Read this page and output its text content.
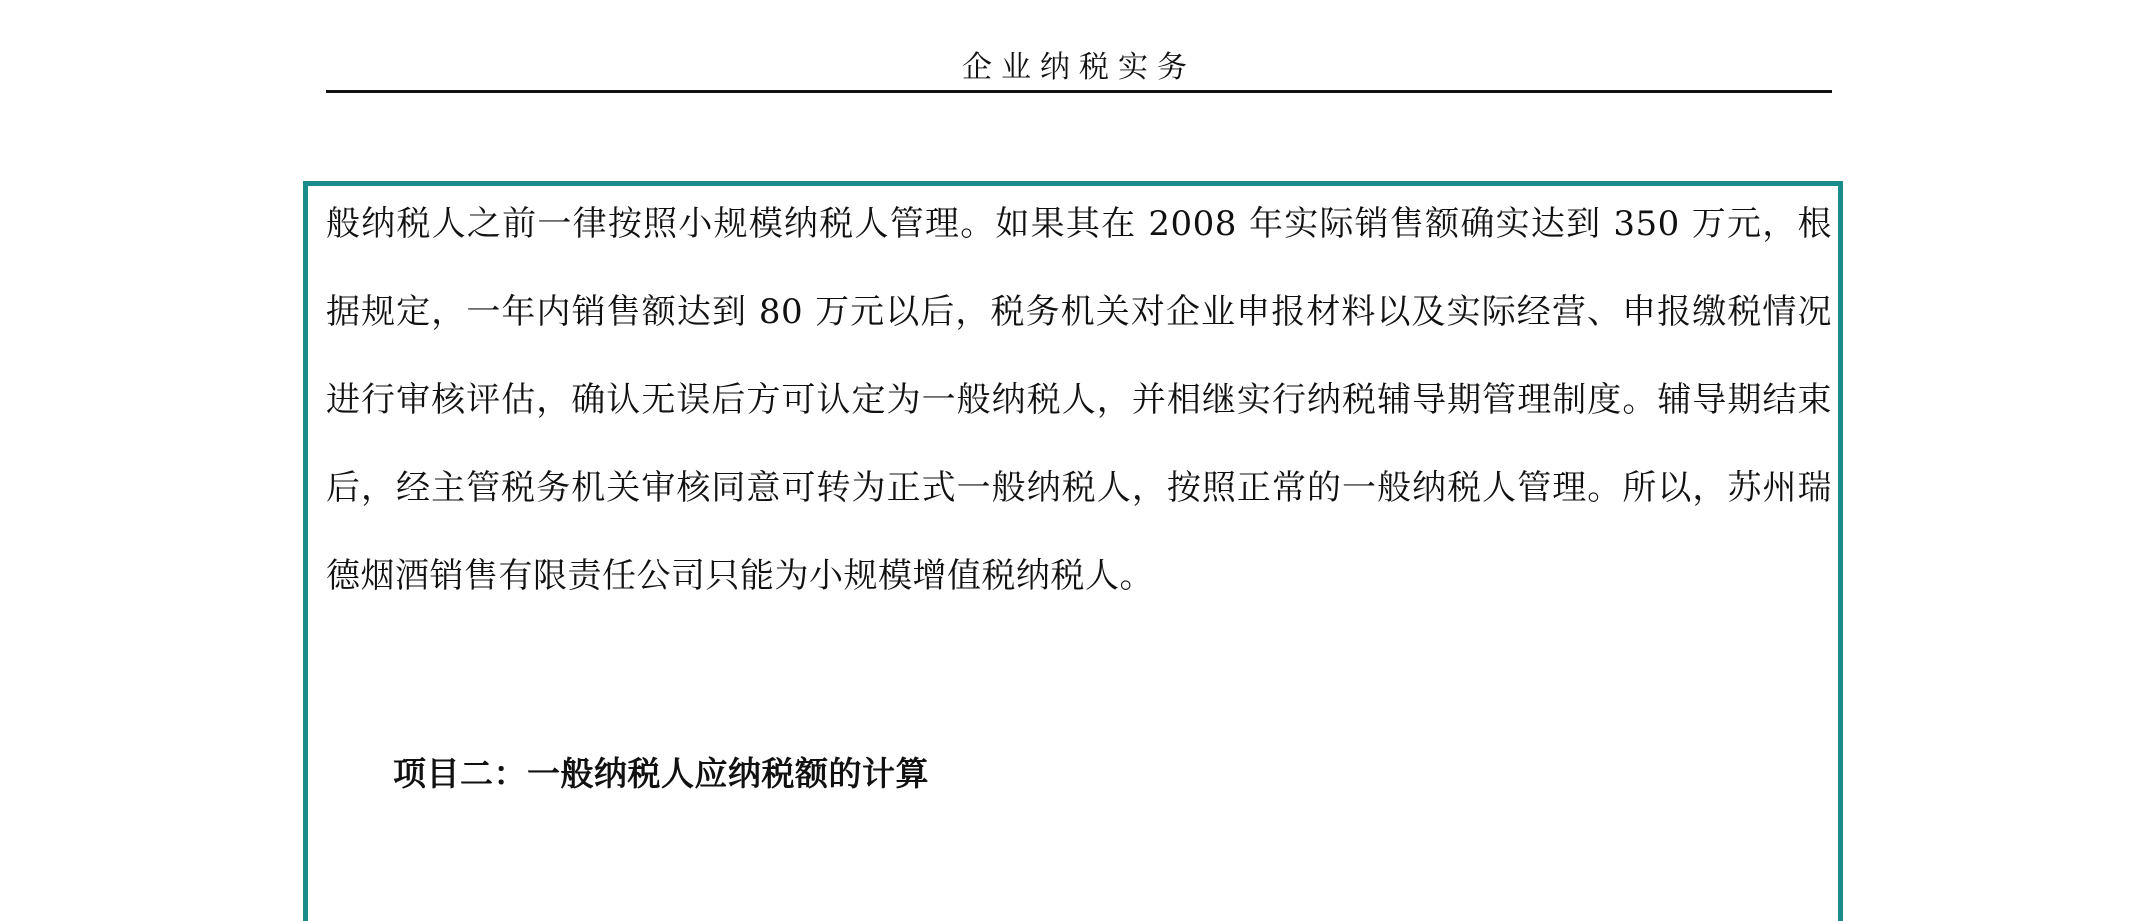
企业纳税实务

般纳税人之前一律按照小规模纳税人管理。如果其在 2008 年实际销售额确实达到 350 万元，根据规定，一年内销售额达到 80 万元以后，税务机关对企业申报材料以及实际经营、申报缴税情况进行审核评估，确认无误后方可认定为一般纳税人，并相继实行纳税辅导期管理制度。辅导期结束后，经主管税务机关审核同意可转为正式一般纳税人，按照正常的一般纳税人管理。所以，苏州瑞德烟酒销售有限责任公司只能为小规模增值税纳税人。

项目二：一般纳税人应纳税额的计算
